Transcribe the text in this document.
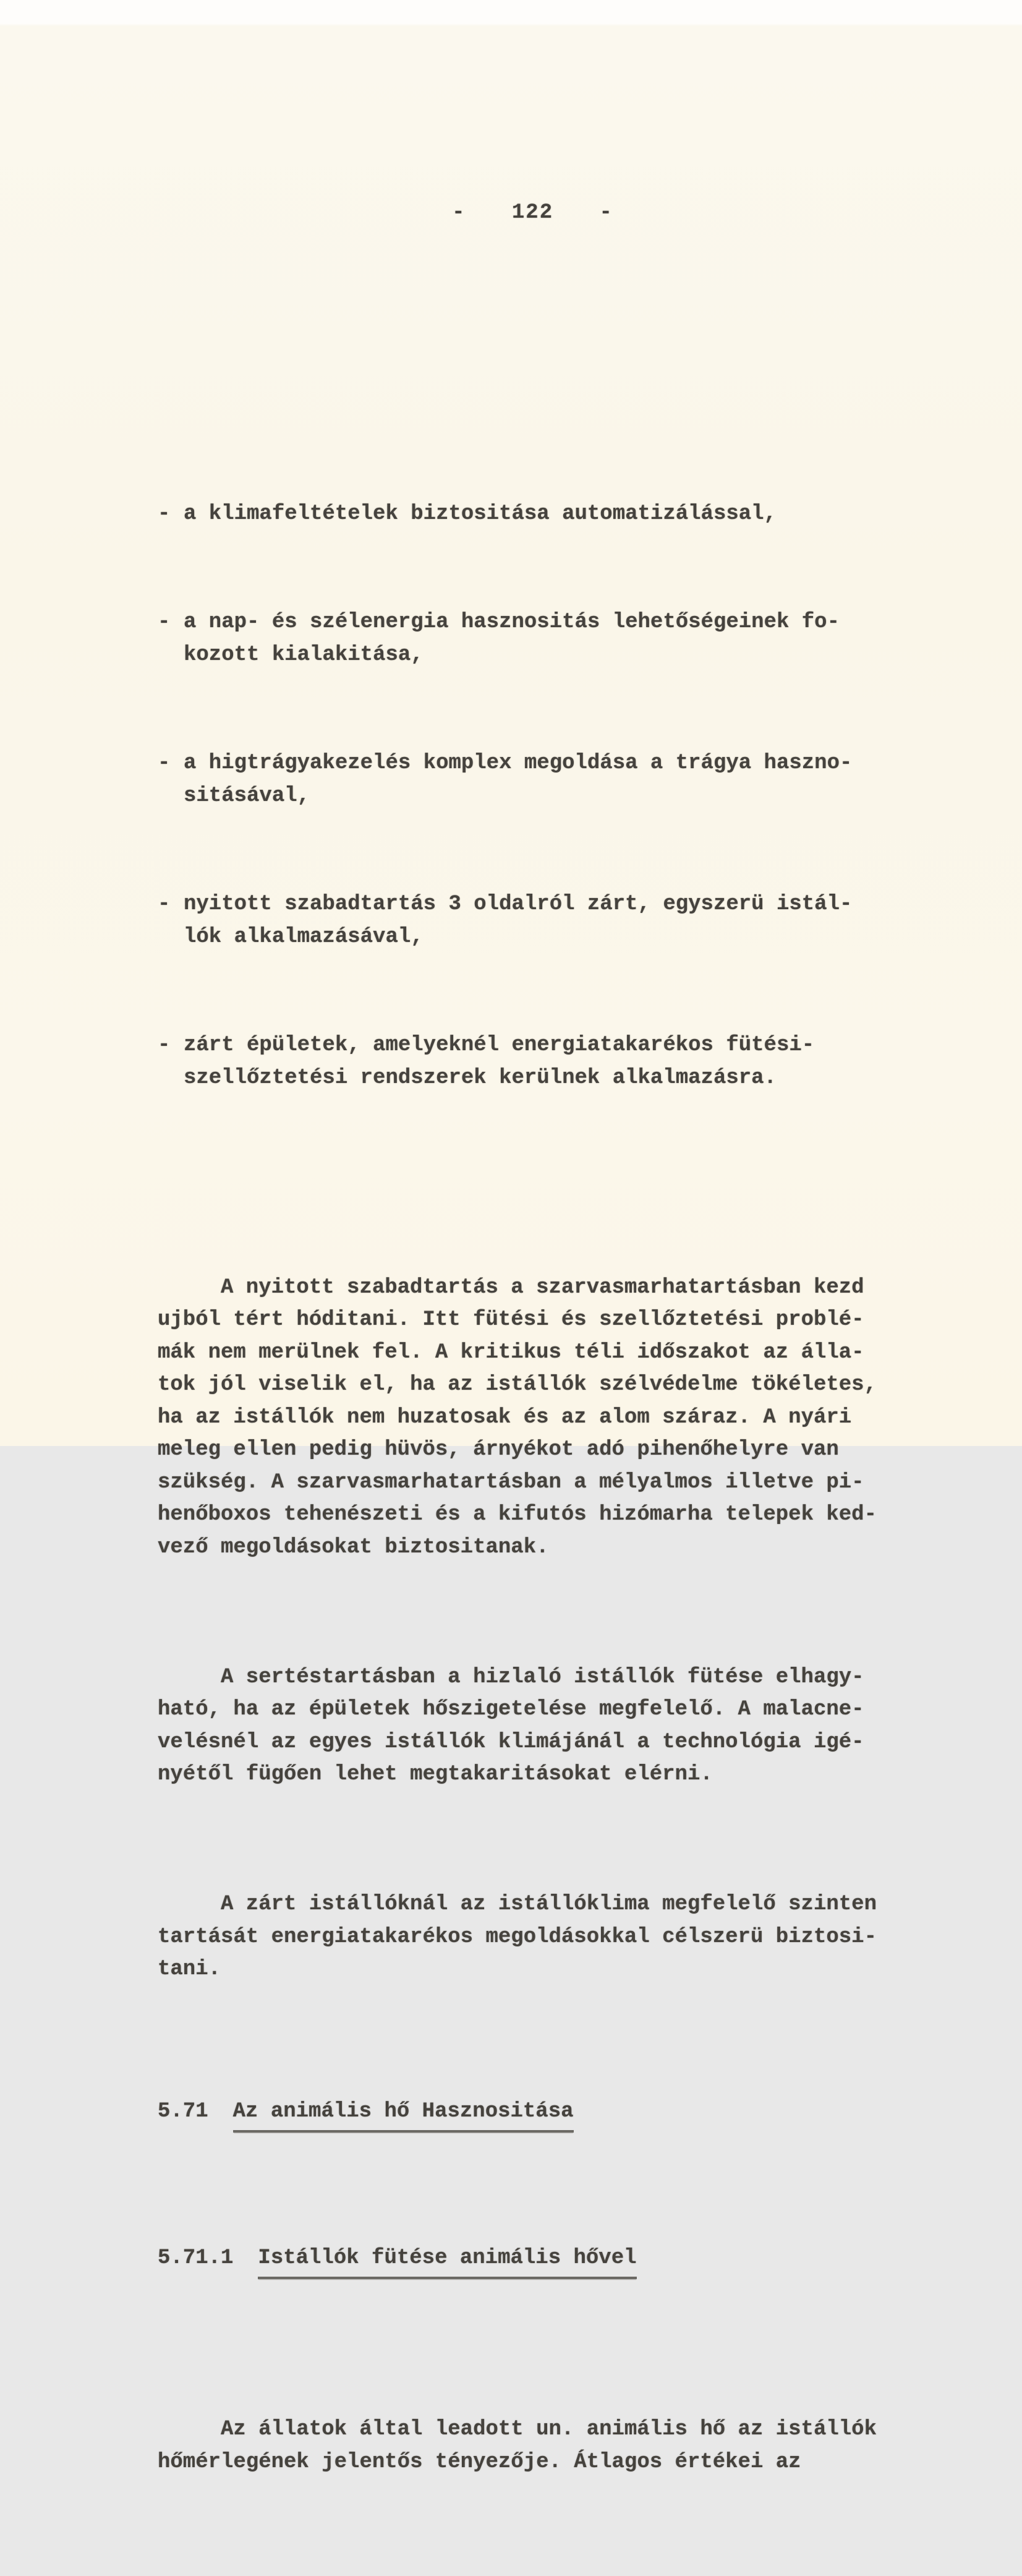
- 122 -

- a klimafeltételek biztositása automatizálással,

- a nap- és szélenergia hasznositás lehetőségeinek fo-
kozott kialakitása,

- a higtrágyakezelés komplex megoldása a trágya haszno-
sitásával,

- nyitott szabadtartás 3 oldalról zárt, egyszerü istál-
lók alkalmazásával,

- zárt épületek, amelyeknél energiatakarékos fütési-
szellőztetési rendszerek kerülnek alkalmazásra.

A nyitott szabadtartás a szarvasmarhatartásban kezd
ujból tért hóditani. Itt fütési és szellőztetési problé-
mák nem merülnek fel. A kritikus téli időszakot az álla-
tok jól viselik el, ha az istállók szélvédelme tökéletes,
ha az istállók nem huzatosak és az alom száraz. A nyári
meleg ellen pedig hüvös, árnyékot adó pihenőhelyre van
szükség. A szarvasmarhatartásban a mélyalmos illetve pi-
henőboxos tehenészeti és a kifutós hizómarha telepek ked-
vező megoldásokat biztositanak.

A sertéstartásban a hizlaló istállók fütése elhagy-
ható, ha az épületek hőszigetelése megfelelő. A malacne-
velésnél az egyes istállók klimájánál a technológia igé-
nyétől fügően lehet megtakaritásokat elérni.

A zárt istállóknál az istállóklima megfelelő szinten
tartását energiatakarékos megoldásokkal célszerü biztosi-
tani.

5.71 Az animális hő Hasznositása

5.71.1 Istállók fütése animális hővel

Az állatok által leadott un. animális hő az istállók
hőmérlegének jelentős tényezője. Átlagos értékei az
